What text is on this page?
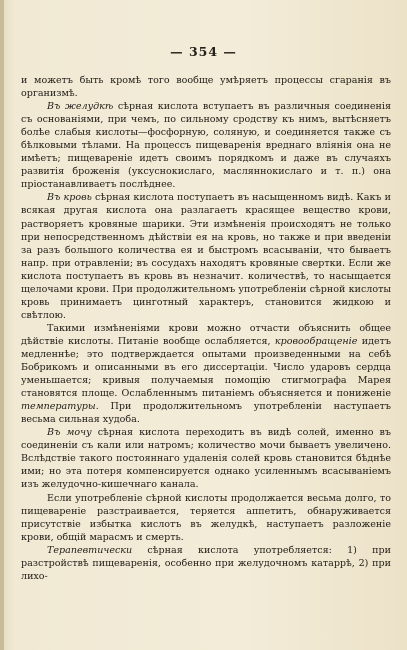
— 354 —

и можетъ быть кромѣ того вообще умѣряетъ процессы сгаранія въ организмѣ.

Въ желудкѣ сѣрная кислота вступаетъ въ различныя соединенія съ основаніями, при чемъ, по сильному сродству къ нимъ, вытѣсняетъ болѣе слабыя кислоты—фосфорную, соляную, и соединяется также съ бѣлковыми тѣлами. На процессъ пищеваренія вреднаго вліянія она не имѣетъ; пищевареніе идетъ своимъ порядкомъ и даже въ случаяхъ развитія броженія (уксуснокислаго, масляннокислаго и т. п.) она пріостанавливаетъ послѣднее.

Въ кровь сѣрная кислота поступаетъ въ насыщенномъ видѣ. Какъ и всякая другая кислота она разлагаетъ красящее вещество крови, растворяетъ кровяные шарики. Эти измѣненія происходятъ не только при непосредственномъ дѣйствіи ея на кровь, но также и при введеніи за разъ большого количества ея и быстромъ всасываніи, что бываетъ напр. при отравленіи; въ сосудахъ находятъ кровяные свертки. Если же кислота поступаетъ въ кровь въ незначит. количествѣ, то насыщается щелочами крови. При продолжительномъ употребленіи сѣрной кислоты кровь принимаетъ цинготный характеръ, становится жидкою и свѣтлою.

Такими измѣненіями крови можно отчасти объяснить общее дѣйствіе кислоты. Питаніе вообще ослабляется, кровообращеніе идетъ медленнѣе; это подтверждается опытами произведенными на себѣ Бобрикомъ и описанными въ его диссертаціи. Число ударовъ сердца уменьшается; кривыя получаемыя помощію стигмографа Марея становятся площе. Ослабленнымъ питаніемъ объясняется и пониженіе температуры. При продолжительномъ употребленіи наступаетъ весьма сильная худоба.

Въ мочу сѣрная кислота переходитъ въ видѣ солей, именно въ соединеніи съ кали или натромъ; количество мочи бываетъ увеличено. Вслѣдствіе такого постояннаго удаленія солей кровь становится бѣднѣе ими; но эта потеря компенсируется однако усиленнымъ всасываніемъ изъ желудочно-кишечнаго канала.

Если употребленіе сѣрной кислоты продолжается весьма долго, то пищевареніе разстраивается, теряется аппетитъ, обнаруживается присутствіе избытка кислотъ въ желудкѣ, наступаетъ разложеніе крови, общій марасмъ и смерть.

Терапевтически сѣрная кислота употребляется: 1) при разстройствѣ пищеваренія, особенно при желудочномъ катаррѣ, 2) при лихо-
